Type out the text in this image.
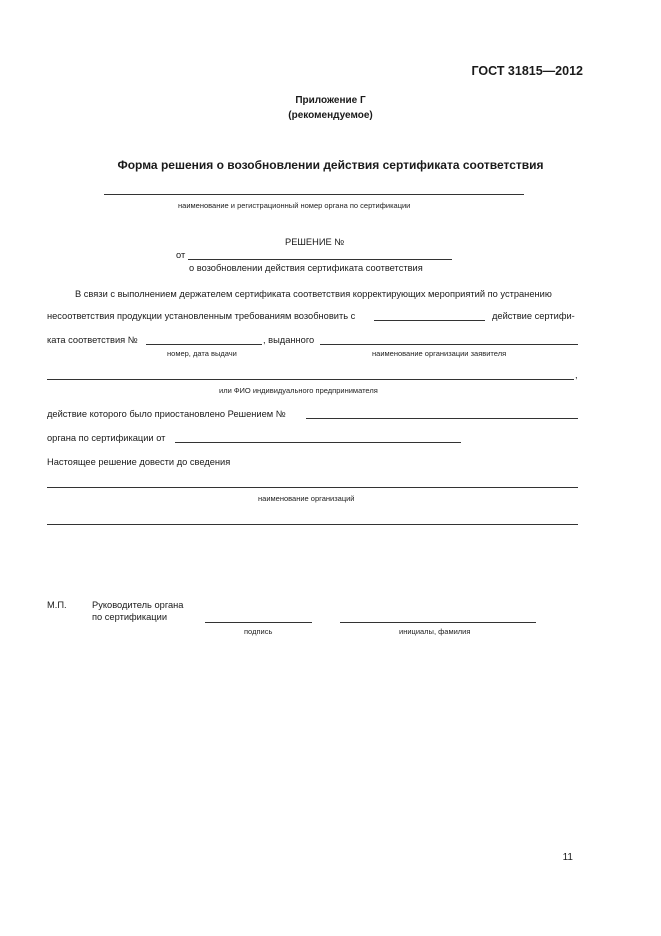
ГОСТ 31815—2012
Приложение Г
(рекомендуемое)
Форма решения о возобновлении действия сертификата соответствия
наименование и регистрационный номер органа по сертификации
РЕШЕНИЕ №
от
о возобновлении действия сертификата соответствия
В связи с выполнением держателем сертификата соответствия корректирующих мероприятий по устранению
несоответствия продукции установленным требованиям возобновить с	действие сертифи-
ката соответствия №	, выданного
номер, дата выдачи	наименование организации заявителя
,
или ФИО индивидуального предпринимателя
действие которого было приостановлено Решением №
органа по сертификации от
Настоящее решение довести до сведения
наименование организаций
М.П.	Руководитель органа
по сертификации
подпись	инициалы, фамилия
11
